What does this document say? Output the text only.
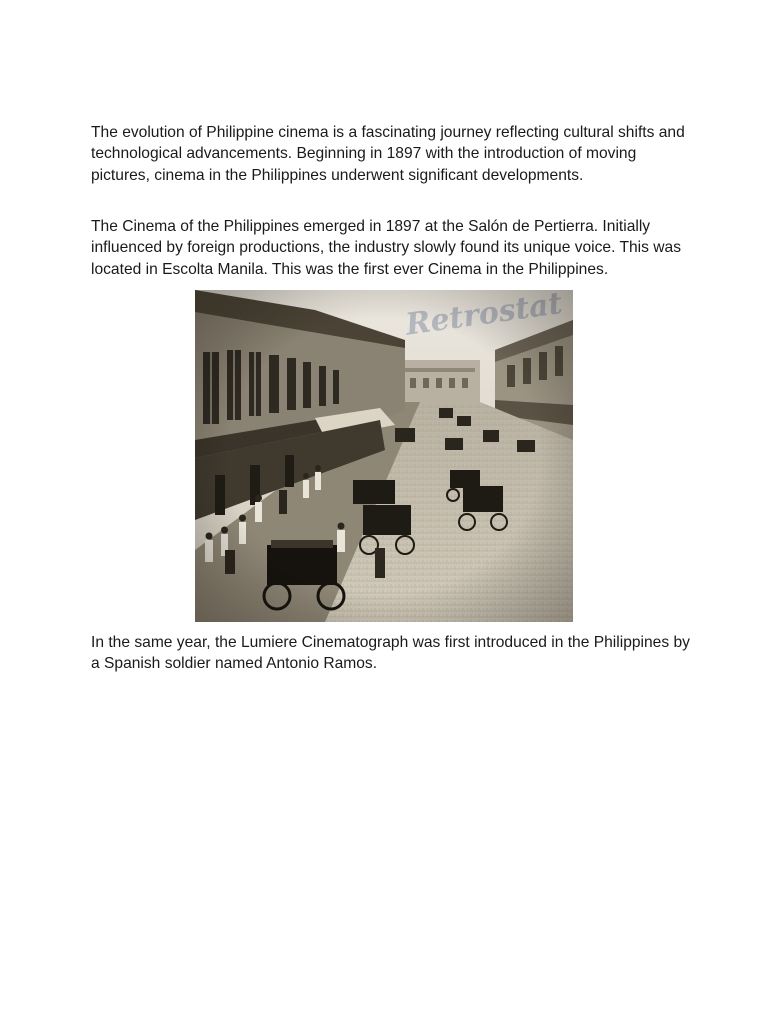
The evolution of Philippine cinema is a fascinating journey reflecting cultural shifts and technological advancements. Beginning in 1897 with the introduction of moving pictures, cinema in the Philippines underwent significant developments.

The Cinema of the Philippines emerged in 1897 at the Salón de Pertierra. Initially influenced by foreign productions, the industry slowly found its unique voice. This was located in Escolta Manila. This was the first ever Cinema in the Philippines.

In the same year, the Lumiere Cinematograph was first introduced in the Philippines by a Spanish soldier named Antonio Ramos.
